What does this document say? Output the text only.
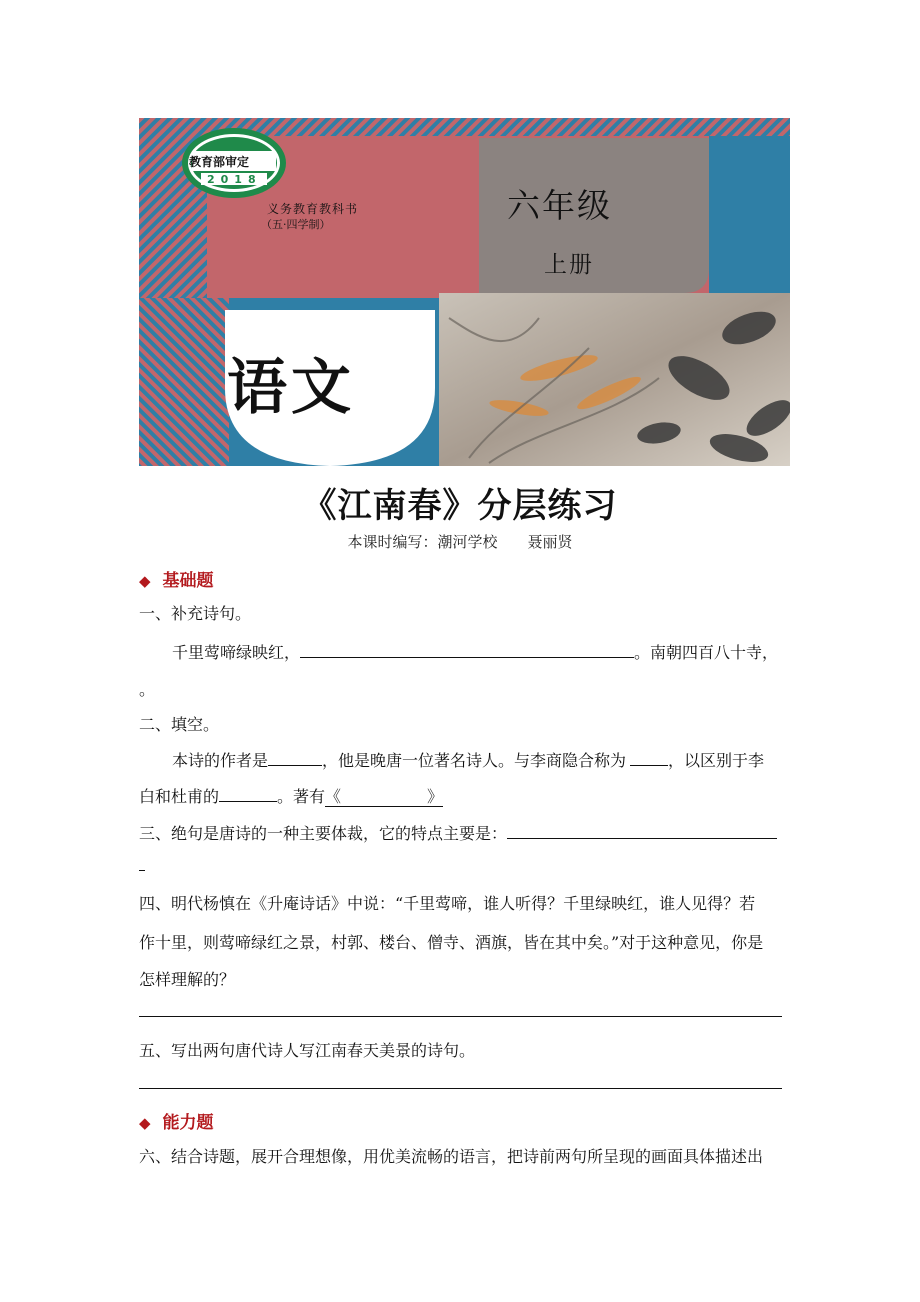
教育部审定
2018
义务教育教科书
（五·四学制）	六年级
上册
语文
《江南春》分层练习
本课时编写：潮河学校　　聂丽贤
◆ 基础题
一、补充诗句。
千里莺啼绿映红，	。南朝四百八十寺，
。
二、填空。
本诗的作者是	，他是晚唐一位著名诗人。与李商隐合称为	，以区别于李
白和杜甫的	。著有《	》
三、绝句是唐诗的一种主要体裁，它的特点主要是：
四、明代杨慎在《升庵诗话》中说：“千里莺啼，谁人听得？千里绿映红，谁人见得？若
作十里，则莺啼绿红之景，村郭、楼台、僧寺、酒旗，皆在其中矣。”对于这种意见，你是
怎样理解的？
五、写出两句唐代诗人写江南春天美景的诗句。
◆ 能力题
六、结合诗题，展开合理想像，用优美流畅的语言，把诗前两句所呈现的画面具体描述出
